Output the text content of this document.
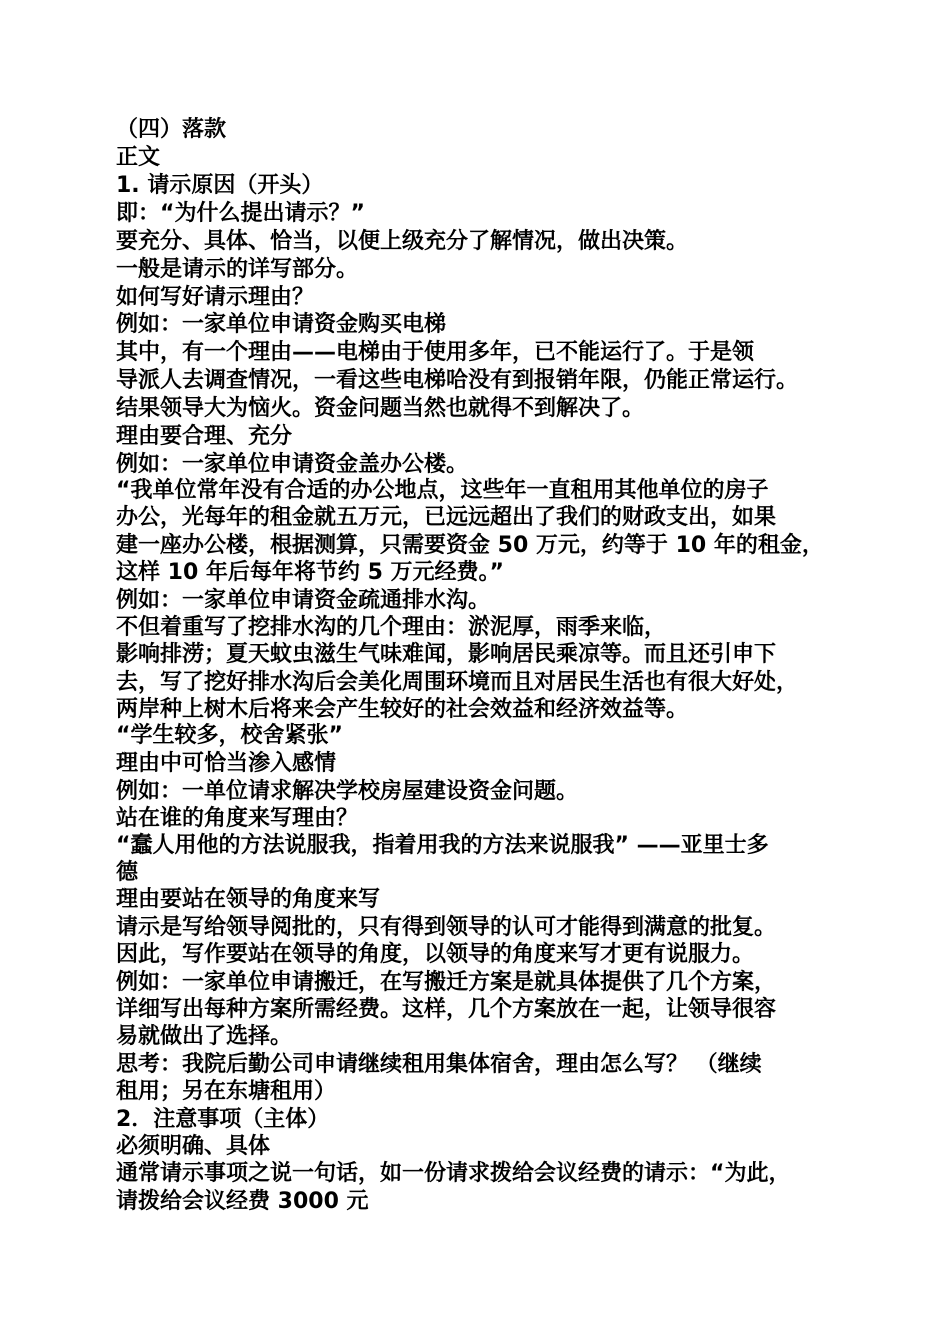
（四）落款

正文

1. 请示原因（开头）

即：“为什么提出请示？”

要充分、具体、恰当，以便上级充分了解情况，做出决策。

一般是请示的详写部分。

如何写好请示理由？

例如：一家单位申请资金购买电梯

其中，有一个理由——电梯由于使用多年，已不能运行了。于是领

导派人去调查情况，一看这些电梯哈没有到报销年限，仍能正常运行。

结果领导大为恼火。资金问题当然也就得不到解决了。

理由要合理、充分

例如：一家单位申请资金盖办公楼。

“我单位常年没有合适的办公地点，这些年一直租用其他单位的房子

办公，光每年的租金就五万元，已远远超出了我们的财政支出，如果

建一座办公楼，根据测算，只需要资金 50 万元，约等于 10 年的租金，

这样 10 年后每年将节约 5 万元经费。”

例如：一家单位申请资金疏通排水沟。

不但着重写了挖排水沟的几个理由：淤泥厚，雨季来临，

影响排涝；夏天蚊虫滋生气味难闻，影响居民乘凉等。而且还引申下

去，写了挖好排水沟后会美化周围环境而且对居民生活也有很大好处，

两岸种上树木后将来会产生较好的社会效益和经济效益等。

“学生较多，校舍紧张”

理由中可恰当渗入感情

例如：一单位请求解决学校房屋建设资金问题。

站在谁的角度来写理由？

“蠢人用他的方法说服我，指着用我的方法来说服我” ——亚里士多

德

理由要站在领导的角度来写

请示是写给领导阅批的，只有得到领导的认可才能得到满意的批复。

因此，写作要站在领导的角度，以领导的角度来写才更有说服力。

例如：一家单位申请搬迁，在写搬迁方案是就具体提供了几个方案，

详细写出每种方案所需经费。这样，几个方案放在一起，让领导很容

易就做出了选择。

思考：我院后勤公司申请继续租用集体宿舍，理由怎么写？ （继续

租用；另在东塘租用）

2．注意事项（主体）

必须明确、具体

通常请示事项之说一句话，如一份请求拨给会议经费的请示：“为此，

请拨给会议经费 3000 元
